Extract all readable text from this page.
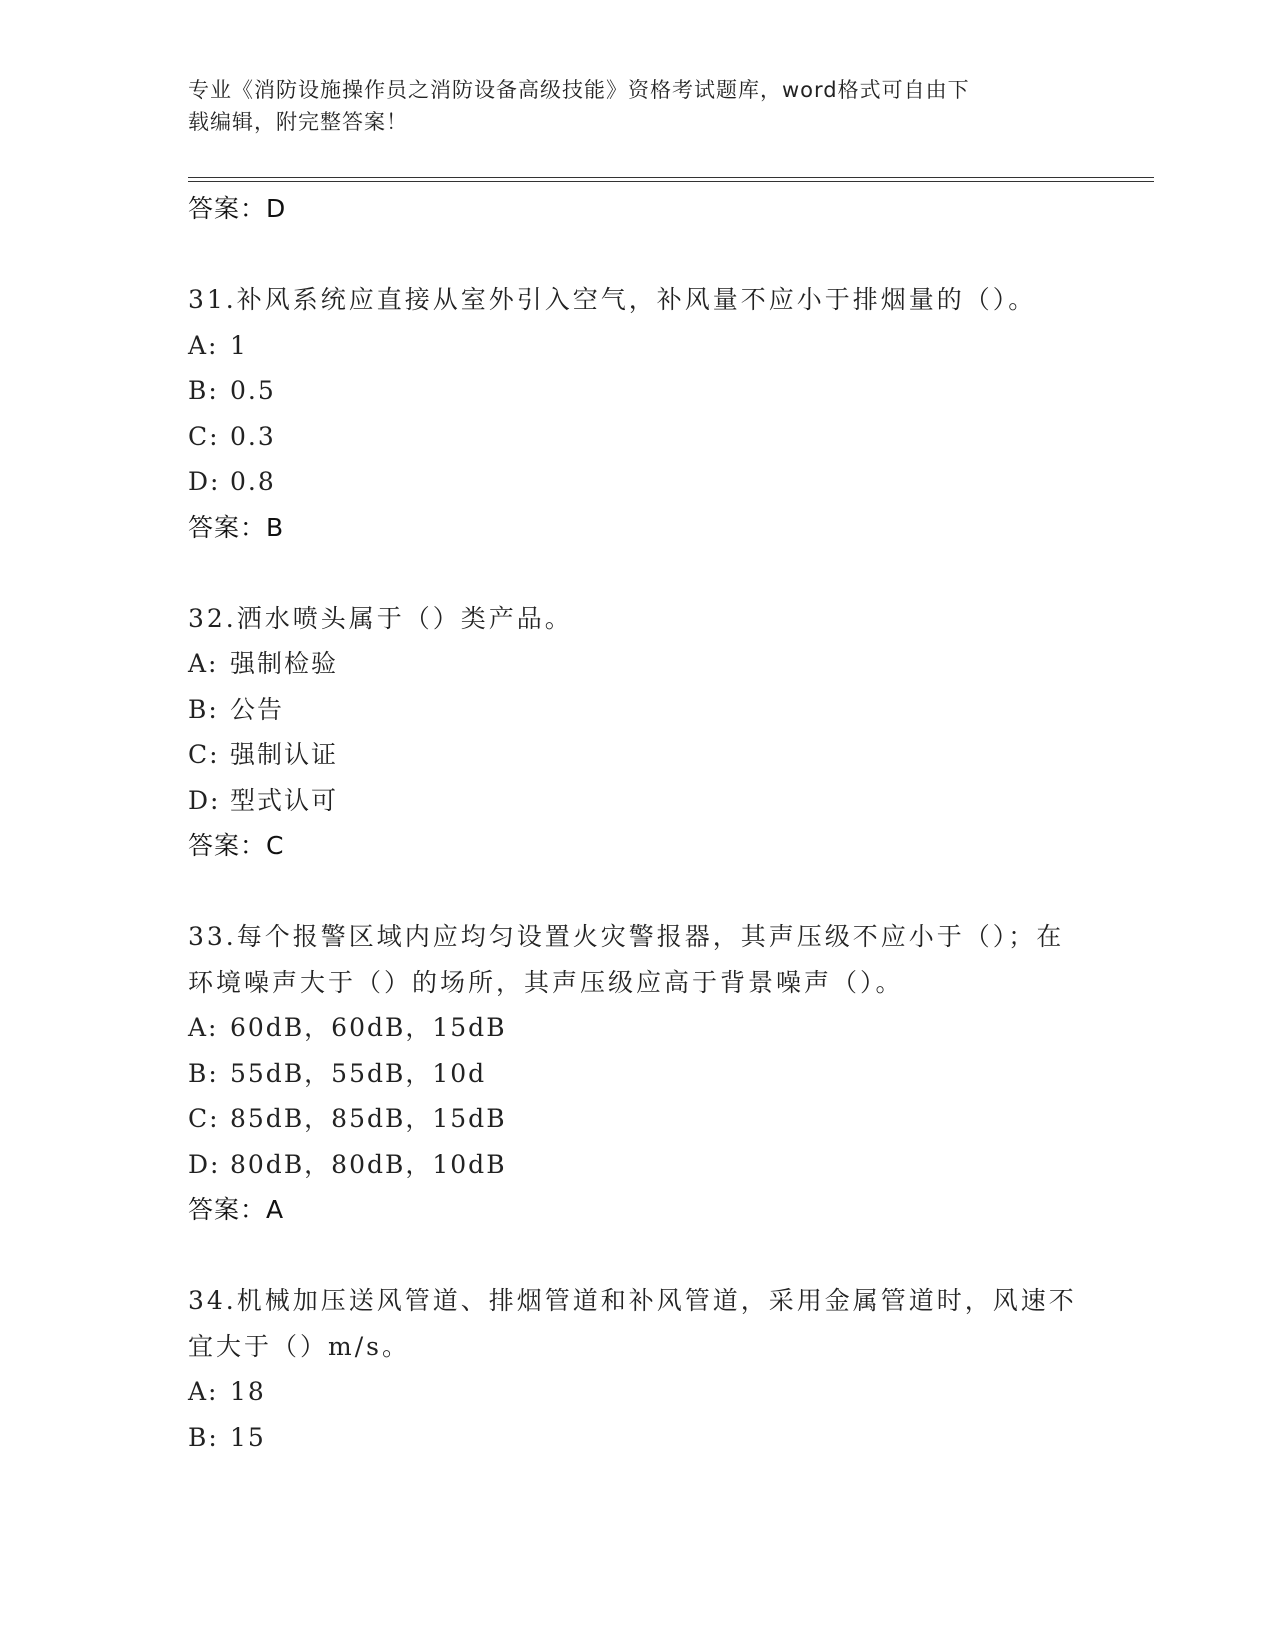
专业《消防设施操作员之消防设备高级技能》资格考试题库，word格式可自由下
载编辑，附完整答案！

答案：D

31.补风系统应直接从室外引入空气，补风量不应小于排烟量的（）。

A: 1

B: 0.5

C: 0.3

D: 0.8

答案：B

32.洒水喷头属于（）类产品。

A: 强制检验

B: 公告

C: 强制认证

D: 型式认可

答案：C

33.每个报警区域内应均匀设置火灾警报器，其声压级不应小于（）；在环境噪声大于（）的场所，其声压级应高于背景噪声（）。

A: 60dB，60dB，15dB

B: 55dB，55dB，10d

C: 85dB，85dB，15dB

D: 80dB，80dB，10dB

答案：A

34.机械加压送风管道、排烟管道和补风管道，采用金属管道时，风速不宜大于（）m/s。

A: 18

B: 15
